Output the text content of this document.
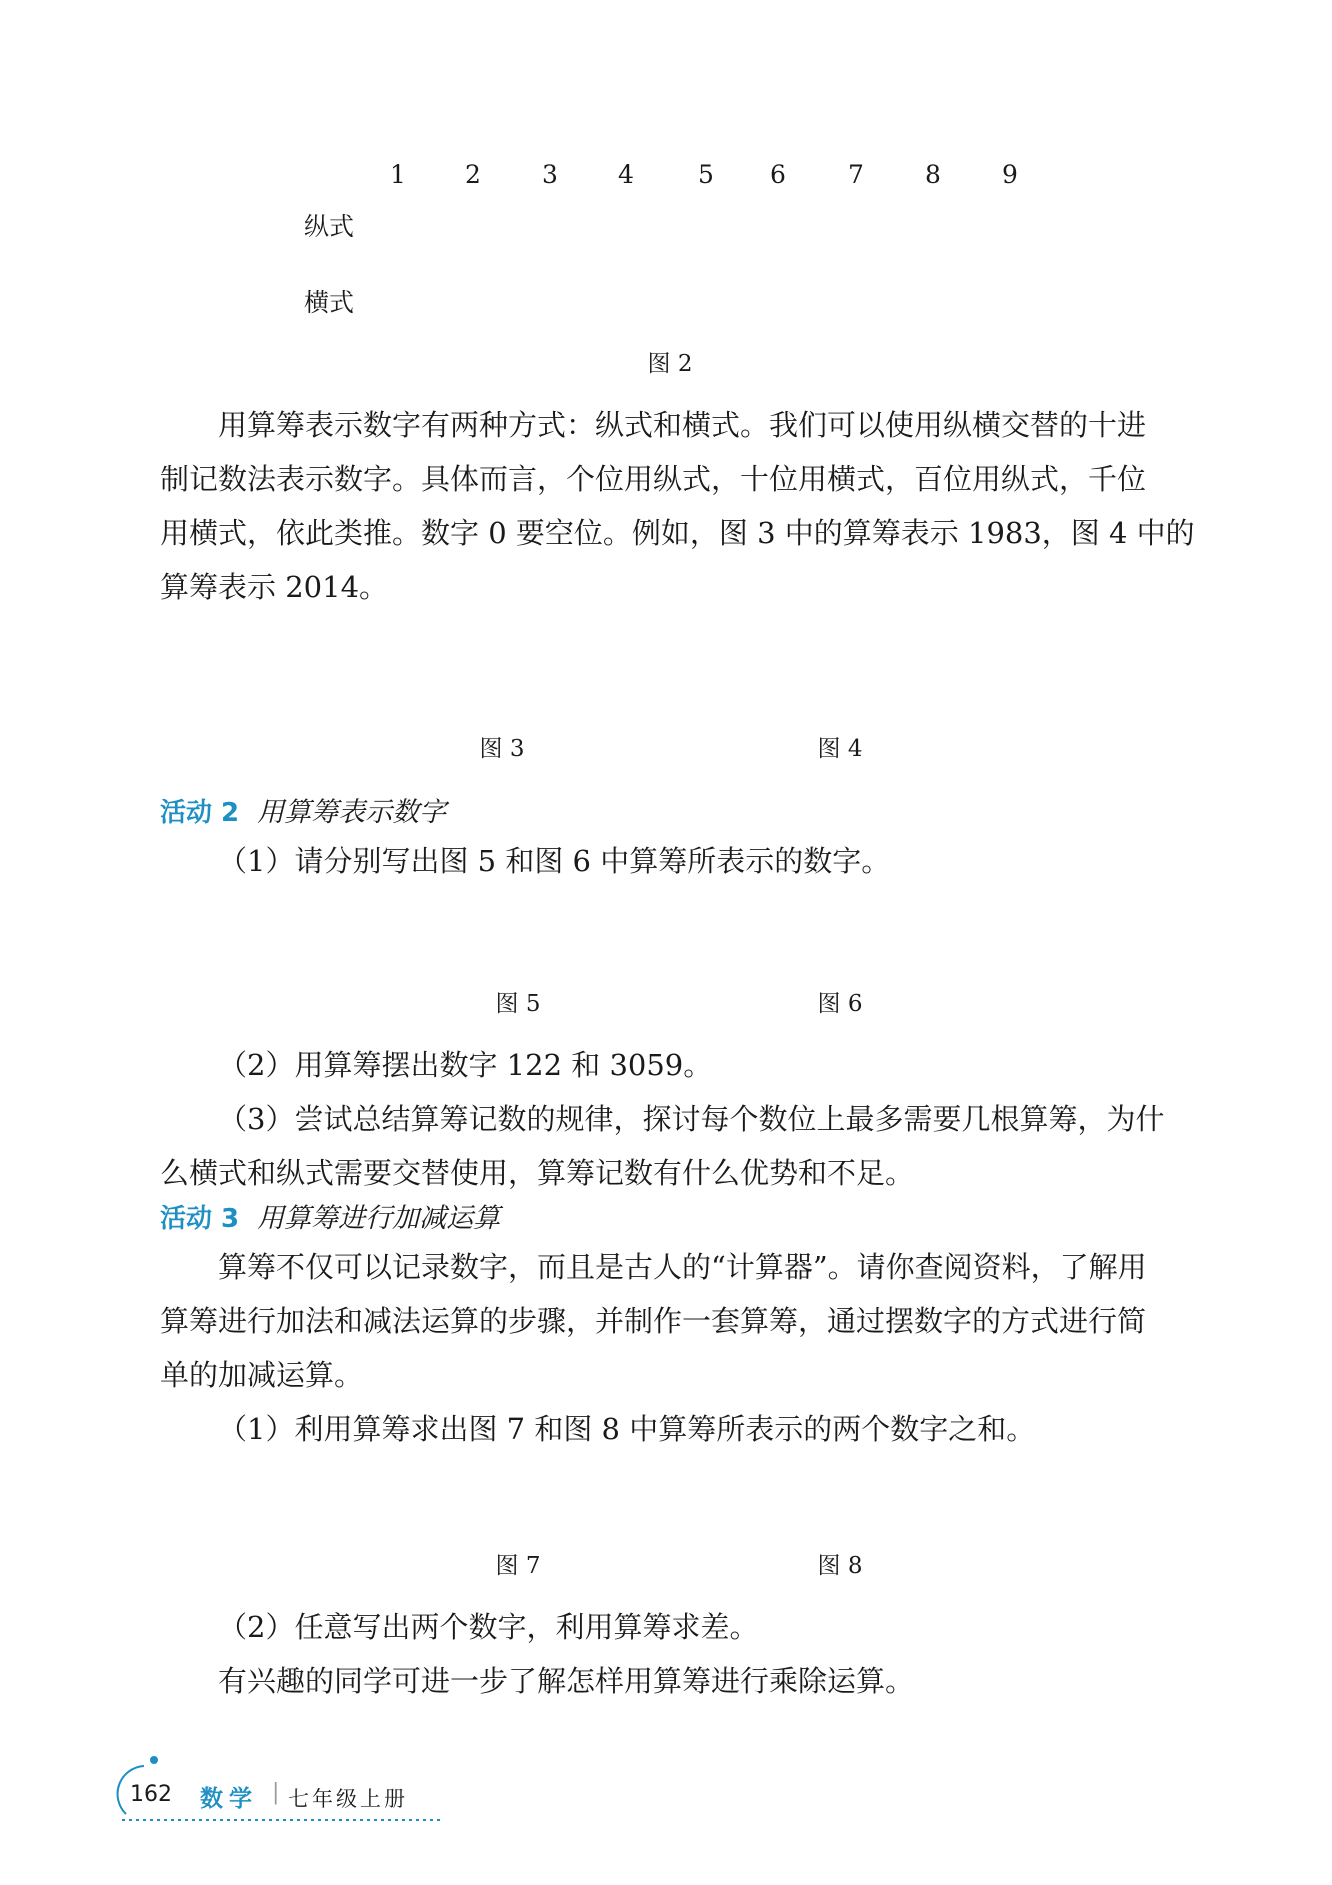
1	2	3	4	5	6	7	8	9
纵式
横式
图 2
用算筹表示数字有两种方式：纵式和横式。我们可以使用纵横交替的十进
制记数法表示数字。具体而言，个位用纵式，十位用横式，百位用纵式，千位
用横式，依此类推。数字 0 要空位。例如，图 3 中的算筹表示 1983，图 4 中的
算筹表示 2014。
图 3	图 4
活动 2 用算筹表示数字
（1）请分别写出图 5 和图 6 中算筹所表示的数字。
图 5	图 6
（2）用算筹摆出数字 122 和 3059。
（3）尝试总结算筹记数的规律，探讨每个数位上最多需要几根算筹，为什
么横式和纵式需要交替使用，算筹记数有什么优势和不足。
活动 3 用算筹进行加减运算
算筹不仅可以记录数字，而且是古人的“计算器”。请你查阅资料，了解用
算筹进行加法和减法运算的步骤，并制作一套算筹，通过摆数字的方式进行简
单的加减运算。
（1）利用算筹求出图 7 和图 8 中算筹所表示的两个数字之和。
图 7	图 8
（2）任意写出两个数字，利用算筹求差。
有兴趣的同学可进一步了解怎样用算筹进行乘除运算。
162 数学 | 七年级上册
